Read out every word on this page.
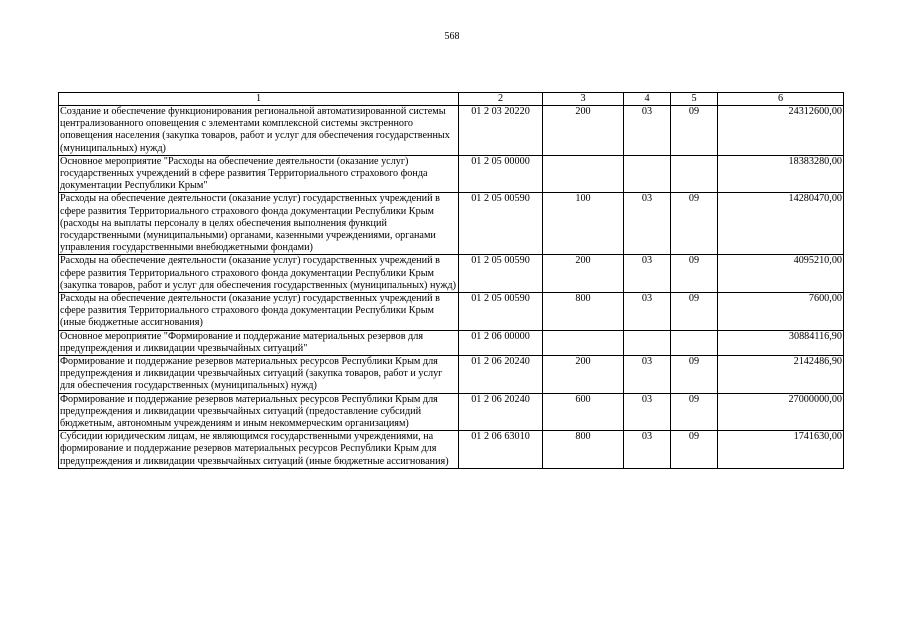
568
1	2	3	4	5	6
Создание и обеспечение функционирования региональной автоматизированной системы централизованного оповещения с элементами комплексной системы экстренного оповещения населения (закупка товаров, работ и услуг для обеспечения государственных (муниципальных) нужд)	01 2 03 20220	200	03	09	24312600,00
Основное мероприятие "Расходы на обеспечение деятельности (оказание услуг) государственных учреждений в сфере развития Территориального страхового фонда документации Республики Крым"	01 2 05 00000				18383280,00
Расходы на обеспечение деятельности (оказание услуг) государственных учреждений в сфере развития Территориального страхового фонда документации Республики Крым (расходы на выплаты персоналу в целях обеспечения выполнения функций государственными (муниципальными) органами, казенными учреждениями, органами управления государственными внебюджетными фондами)	01 2 05 00590	100	03	09	14280470,00
Расходы на обеспечение деятельности (оказание услуг) государственных учреждений в сфере развития Территориального страхового фонда документации Республики Крым (закупка товаров, работ и услуг для обеспечения государственных (муниципальных) нужд)	01 2 05 00590	200	03	09	4095210,00
Расходы на обеспечение деятельности (оказание услуг) государственных учреждений в сфере развития Территориального страхового фонда документации Республики Крым (иные бюджетные ассигнования)	01 2 05 00590	800	03	09	7600,00
Основное мероприятие "Формирование и поддержание материальных резервов для предупреждения и ликвидации чрезвычайных ситуаций"	01 2 06 00000				30884116,90
Формирование и поддержание резервов материальных ресурсов Республики Крым для предупреждения и ликвидации чрезвычайных ситуаций (закупка товаров, работ и услуг для обеспечения государственных (муниципальных) нужд)	01 2 06 20240	200	03	09	2142486,90
Формирование и поддержание резервов материальных ресурсов Республики Крым для предупреждения и ликвидации чрезвычайных ситуаций (предоставление субсидий бюджетным, автономным учреждениям и иным некоммерческим организациям)	01 2 06 20240	600	03	09	27000000,00
Субсидии юридическим лицам, не являющимся государственными учреждениями, на формирование и поддержание резервов материальных ресурсов Республики Крым для предупреждения и ликвидации чрезвычайных ситуаций (иные бюджетные ассигнования)	01 2 06 63010	800	03	09	1741630,00
